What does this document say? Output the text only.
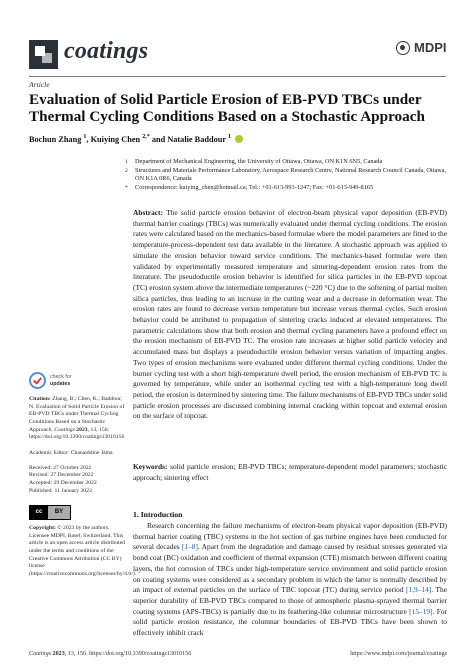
coatings	MDPI
Article
Evaluation of Solid Particle Erosion of EB-PVD TBCs under Thermal Cycling Conditions Based on a Stochastic Approach
Bochun Zhang $^1$, Kuiying Chen $^{2,*}$ and Natalie Baddour $^1$
1	Department of Mechanical Engineering, the University of Ottawa, Ottawa, ON K1N 6N5, Canada
2	Structures and Materials Performance Laboratory, Aerospace Research Centre, National Research Council Canada, Ottawa, ON K1A 0R6, Canada
*	Correspondence: kuiying_chen@hotmail.ca; Tel.: +01-613-993-1247; Fax: +01-613-949-8165
Abstract: The solid particle erosion behavior of electron-beam physical vapor deposition (EB-PVD) thermal barrier coatings (TBCs) was numerically evaluated under thermal cycling conditions. The erosion rates were calculated based on the mechanics-based formulae where the model parameters are fitted to the temperature-process-dependent test data available in the literature. A stochastic approach was applied to simulate the erosion behavior toward service conditions. The mechanics-based formulae were then validated by experimentally measured temperature and sintering-dependent erosion rates from the literature. The pseudoductile erosion behavior is identified for silica particles in the EB-PVD topcoat (TC) erosion system above the intermediate temperatures (~220 °C) due to the softening of partial molten silica particles, thus leading to an increase in the cutting wear and a decrease in deformation wear. The erosion rates are found to decrease versus temperature but increase versus thermal cycles. Such erosion behavior could be attributed to propagation of sintering cracks induced at elevated temperatures. The parametric calculations show that both erosion and thermal cycling parameters have a profound effect on the erosion mechanism of EB-PVD TC. The erosion rate increases at higher solid particle velocity and accumulated mass but displays a pseudoductile erosion behavior versus variation of impacting angles. Two types of erosion mechanisms were evaluated under different thermal cycling conditions. Under the burner cycling test with a short high-temperature dwell period, the erosion mechanism of EB-PVD TC is governed by temperature, while under an isothermal cycling test with a high-temperature long dwell period, the erosion is determined by sintering time. The failure mechanisms of EB-PVD TBCs under solid particle erosion processes are discussed combining internal cracking within topcoat and external erosion on the surface of topcoat.
Keywords: solid particle erosion; EB-PVD TBCs; temperature-dependent model parameters; stochastic approach; sintering effect
check for
updates

Citation: Zhang, B.; Chen, K.; Baddour, N. Evaluation of Solid Particle Erosion of EB-PVD TBCs under Thermal Cycling Conditions Based on a Stochastic Approach. Coatings 2023, 13, 156. https://doi.org/10.3390/coatings13010156

Academic Editor: Chanaiddine Jama

Received: 27 October 2022

Revised: 27 December 2022

Accepted: 29 December 2022

Published: 11 January 2023

cc	BY

Copyright: © 2023 by the authors. Licensee MDPI, Basel, Switzerland. This article is an open access article distributed under the terms and conditions of the Creative Commons Attribution (CC BY) license (https://creativecommons.org/licenses/by/4.0/).

1. Introduction

Research concerning the failure mechanisms of electron-beam physical vapor deposition (EB-PVD) thermal barrier coating (TBC) systems in the hot section of gas turbine engines have been conducted for several decades [1–8]. Apart from the degradation and damage caused by residual stresses generated via bond coat (BC) oxidation and coefficient of thermal expansion (CTE) mismatch between different coating layers, the hot corrosion of TBCs under high-temperature service environment and solid particle erosion on coating systems were considered as a secondary problem in which the latter is normally described by an impact of external particles on the surface of TBC topcoat (TC) during service period [1,9–14]. The superior durability of EB-PVD TBCs compared to those of atmospheric plasma-sprayed thermal barrier coating systems (APS-TBCs) is partially due to its feathering-like columnar microstructure [15–19]. For solid particle erosion resistance, the columnar boundaries of EB-PVD TBCs have been shown to effectively inhibit crack

Coatings 2023, 13, 156. https://doi.org/10.3390/coatings13010156	https://www.mdpi.com/journal/coatings
